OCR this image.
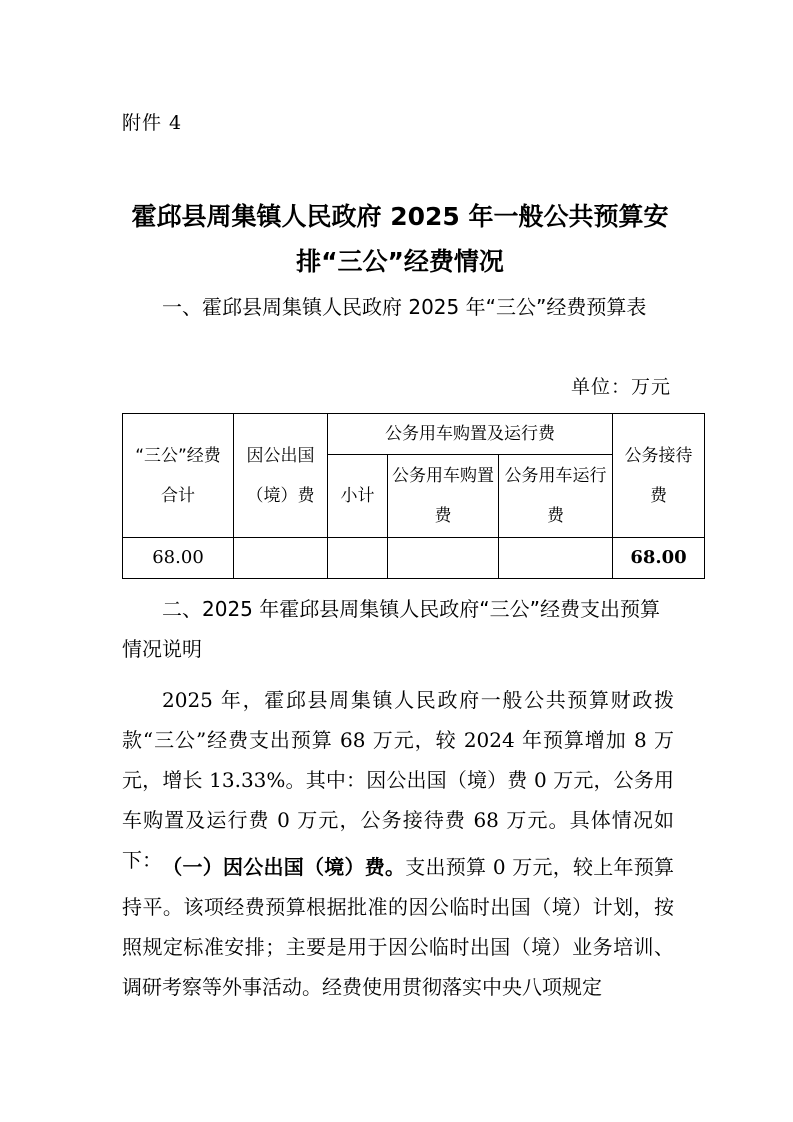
附件 4
霍邱县周集镇人民政府 2025 年一般公共预算安排“三公”经费情况
一、霍邱县周集镇人民政府 2025 年“三公”经费预算表
单位：万元
“三公”经费合计	因公出国（境）费	公务用车购置及运行费			公务接待费
		小计	公务用车购置费	公务用车运行费	
68.00					68.00
二、2025 年霍邱县周集镇人民政府“三公”经费支出预算情况说明
2025 年，霍邱县周集镇人民政府一般公共预算财政拨款“三公”经费支出预算 68 万元，较 2024 年预算增加 8 万元，增长 13.33%。其中：因公出国（境）费 0 万元，公务用车购置及运行费 0 万元，公务接待费 68 万元。具体情况如下： （一）因公出国（境）费。支出预算 0 万元，较上年预算持平。该项经费预算根据批准的因公临时出国（境）计划，按照规定标准安排；主要是用于因公临时出国（境）业务培训、调研考察等外事活动。经费使用贯彻落实中央八项规定
